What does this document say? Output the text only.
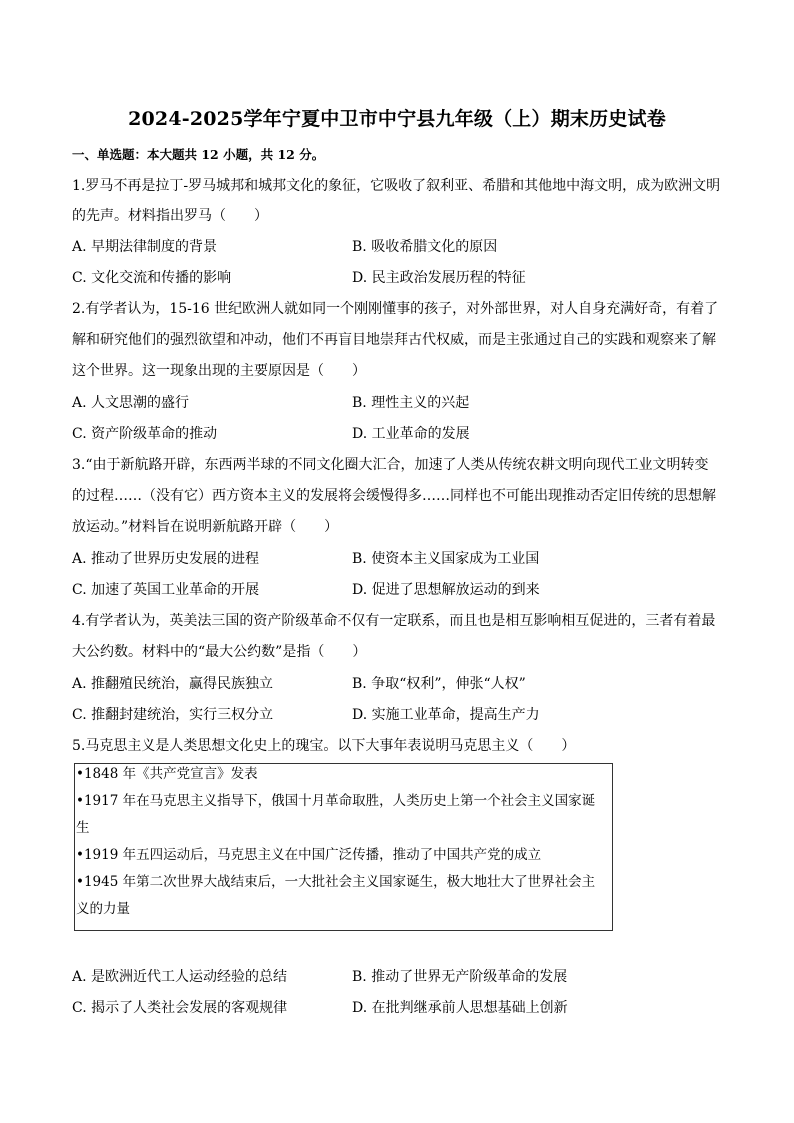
2024-2025学年宁夏中卫市中宁县九年级（上）期末历史试卷
一、单选题：本大题共 12 小题，共 12 分。
1.罗马不再是拉丁-罗马城邦和城邦文化的象征，它吸收了叙利亚、希腊和其他地中海文明，成为欧洲文明
的先声。材料指出罗马（　　）
A. 早期法律制度的背景	B. 吸收希腊文化的原因
C. 文化交流和传播的影响	D. 民主政治发展历程的特征
2.有学者认为，15-16 世纪欧洲人就如同一个刚刚懂事的孩子，对外部世界，对人自身充满好奇，有着了
解和研究他们的强烈欲望和冲动，他们不再盲目地崇拜古代权威，而是主张通过自己的实践和观察来了解
这个世界。这一现象出现的主要原因是（　　）
A. 人文思潮的盛行	B. 理性主义的兴起
C. 资产阶级革命的推动	D. 工业革命的发展
3.“由于新航路开辟，东西两半球的不同文化圈大汇合，加速了人类从传统农耕文明向现代工业文明转变
的过程……（没有它）西方资本主义的发展将会缓慢得多……同样也不可能出现推动否定旧传统的思想解
放运动。”材料旨在说明新航路开辟（　　）
A. 推动了世界历史发展的进程	B. 使资本主义国家成为工业国
C. 加速了英国工业革命的开展	D. 促进了思想解放运动的到来
4.有学者认为，英美法三国的资产阶级革命不仅有一定联系，而且也是相互影响相互促进的，三者有着最
大公约数。材料中的“最大公约数”是指（　　）
A. 推翻殖民统治，赢得民族独立	B. 争取“权利”，伸张“人权”
C. 推翻封建统治，实行三权分立	D. 实施工业革命，提高生产力
5.马克思主义是人类思想文化史上的瑰宝。以下大事年表说明马克思主义（　　）
•1848 年《共产党宣言》发表
•1917 年在马克思主义指导下，俄国十月革命取胜，人类历史上第一个社会主义国家诞
生
•1919 年五四运动后，马克思主义在中国广泛传播，推动了中国共产党的成立
•1945 年第二次世界大战结束后，一大批社会主义国家诞生，极大地壮大了世界社会主
义的力量
A. 是欧洲近代工人运动经验的总结	B. 推动了世界无产阶级革命的发展
C. 揭示了人类社会发展的客观规律	D. 在批判继承前人思想基础上创新
